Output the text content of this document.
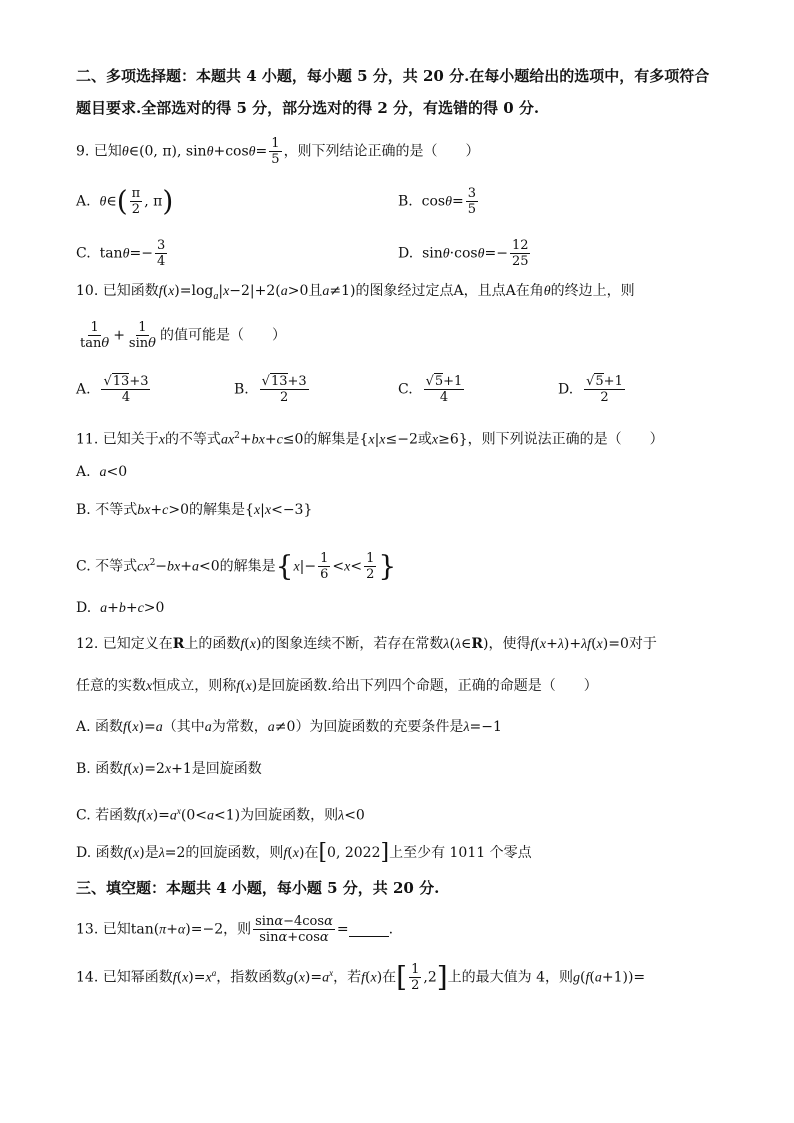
二、多项选择题：本题共 4 小题，每小题 5 分，共 20 分.在每小题给出的选项中，有多项符合
题目要求.全部选对的得 5 分，部分选对的得 2 分，有选错的得 0 分.
9. 已知θ∈(0, π), $\sin\theta+\cos\theta= \frac{1}{5}$ ，则下列结论正确的是（　　）
A. θ∈( $\frac{\pi}{2}$ , π)	B. $\cos\theta= \frac{3}{5}$
C. $\tan\theta=- \frac{3}{4}$	D. $\sin\theta\cdot\cos\theta=- \frac{12}{25}$
10. 已知函数$f(x)=\log_a|x-2|+2(a>0$且a≠1)的图象经过定点A，且点A在角θ的终边上，则
$\frac{1}{\tan\theta} + \frac{1}{\sin\theta}$ 的值可能是（　　）
A. $\frac{√13+3}{4}$	B. $\frac{√13+3}{2}$	C. $\frac{√5+1}{4}$	D. $\frac{√5+1}{2}$
11. 已知关于x的不等式$ax^2+bx+c\le 0$的解集是{x|x≤−2或x≥6}，则下列说法正确的是（　　）
A. a<0
B. 不等式bx+c>0的解集是{x|x<−3}
C. 不等式$cx^2-bx+a<0$的解集是{$x|- \frac{1}{6} <x< \frac{1}{2}$ }
D. a+b+c>0
12. 已知定义在R上的函数f(x)的图象连续不断，若存在常数λ(λ∈R)，使得f(x+λ)+λf(x)=0对于
任意的实数x恒成立，则称f(x)是回旋函数.给出下列四个命题，正确的命题是（　　）
A. 函数f(x)=a（其中a为常数，a≠0）为回旋函数的充要条件是λ=−1
B. 函数f(x)=2x+1是回旋函数
C. 若函数$f(x)=a^x(0<a<1)$为回旋函数，则λ<0
D. 函数f(x)是λ=2的回旋函数，则f(x)在[0, 2022]上至少有 1011 个零点
三、填空题：本题共 4 小题，每小题 5 分，共 20 分.
13. 已知tan(π+α)=−2，则 $\frac{\sin\alpha-4\cos\alpha}{\sin\alpha+\cos\alpha}$ =	.
14. 已知幂函数$f(x)=x^a$，指数函数$g(x)=a^x$，若f(x)在[ $\frac{1}{2} ,2$]上的最大值为 4，则g(f(a+1))=
